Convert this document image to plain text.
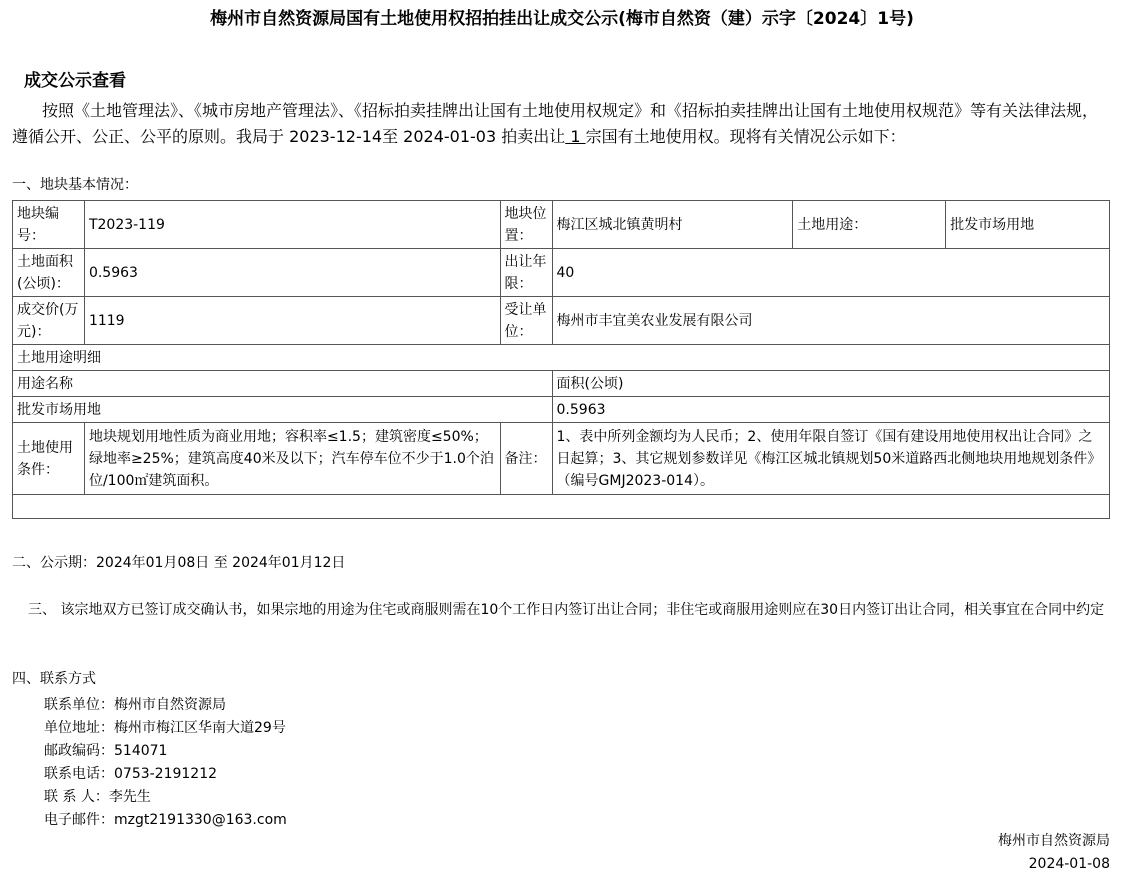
梅州市自然资源局国有土地使用权招拍挂出让成交公示(梅市自然资（建）示字〔2024〕1号)
成交公示查看
按照《土地管理法》、《城市房地产管理法》、《招标拍卖挂牌出让国有土地使用权规定》和《招标拍卖挂牌出让国有土地使用权规范》等有关法律法规，遵循公开、公正、公平的原则。我局于 2023-12-14至 2024-01-03 拍卖出让 1 宗国有土地使用权。现将有关情况公示如下：
一、地块基本情况：
地块编号：	T2023-119	地块位置：	梅江区城北镇黄明村	土地用途：	批发市场用地
土地面积(公顷)：	0.5963	出让年限：	40		
成交价(万元)：	1119	受让单位：	梅州市丰宜美农业发展有限公司		
土地用途明细					
用途名称			面积(公顷)		
批发市场用地			0.5963		
土地使用条件：	地块规划用地性质为商业用地；容积率≤1.5；建筑密度≤50%；绿地率≥25%；建筑高度40米及以下；汽车停车位不少于1.0个泊位/100㎡建筑面积。	备注：	1、表中所列金额均为人民币；2、使用年限自签订《国有建设用地使用权出让合同》之日起算；3、其它规划参数详见《梅江区城北镇规划50米道路西北侧地块用地规划条件》（编号GMJ2023-014）。		

二、公示期：2024年01月08日 至 2024年01月12日
三、 该宗地双方已签订成交确认书，如果宗地的用途为住宅或商服则需在10个工作日内签订出让合同；非住宅或商服用途则应在30日内签订出让合同，相关事宜在合同中约定
四、联系方式
联系单位：梅州市自然资源局
单位地址：梅州市梅江区华南大道29号
邮政编码：514071
联系电话：0753-2191212
联 系 人：李先生
电子邮件：mzgt2191330@163.com
梅州市自然资源局
2024-01-08
